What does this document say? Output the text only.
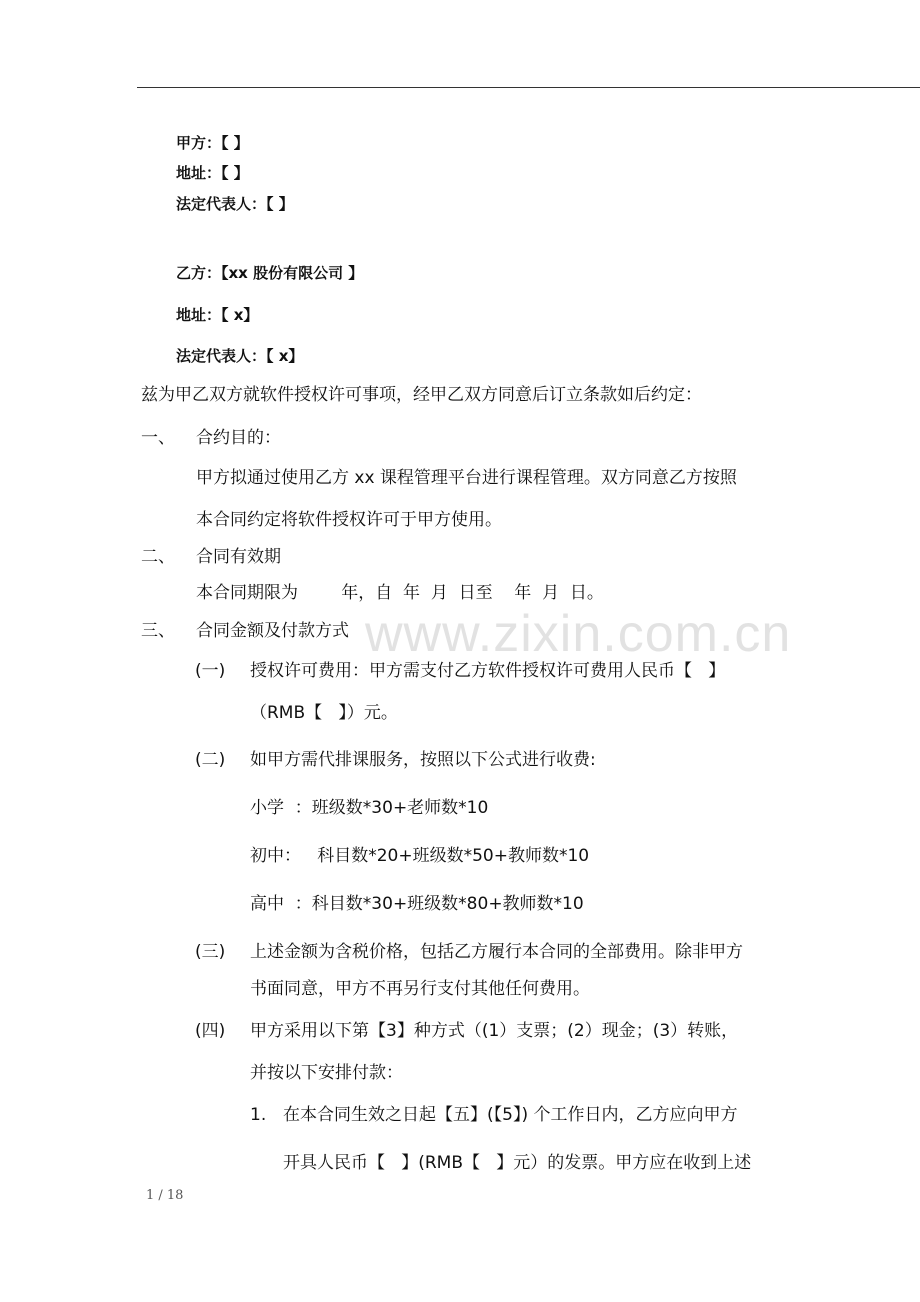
www.zixin.com.cn
甲方：【 】
地址：【 】
法定代表人：【 】
乙方：【xx 股份有限公司 】
地址：【 x】
法定代表人：【 x】
兹为甲乙双方就软件授权许可事项，经甲乙双方同意后订立条款如后约定：
一、 合约目的：
甲方拟通过使用乙方 xx 课程管理平台进行课程管理。双方同意乙方按照
本合同约定将软件授权许可于甲方使用。
二、 合同有效期
本合同期限为        年，自  年  月  日至    年  月  日。
三、 合同金额及付款方式
(一) 授权许可费用：甲方需支付乙方软件授权许可费用人民币【   】
（RMB【   】）元。
(二) 如甲方需代排课服务，按照以下公式进行收费:
小学  ：班级数*30+老师数*10
初中：   科目数*20+班级数*50+教师数*10
高中  ：科目数*30+班级数*80+教师数*10
(三) 上述金额为含税价格，包括乙方履行本合同的全部费用。除非甲方
书面同意，甲方不再另行支付其他任何费用。
(四) 甲方采用以下第【3】种方式（(1）支票；(2）现金；(3）转账，
并按以下安排付款：
1. 在本合同生效之日起【五】(【5】) 个工作日内，乙方应向甲方
开具人民币【   】(RMB【   】元）的发票。甲方应在收到上述
1 / 18
